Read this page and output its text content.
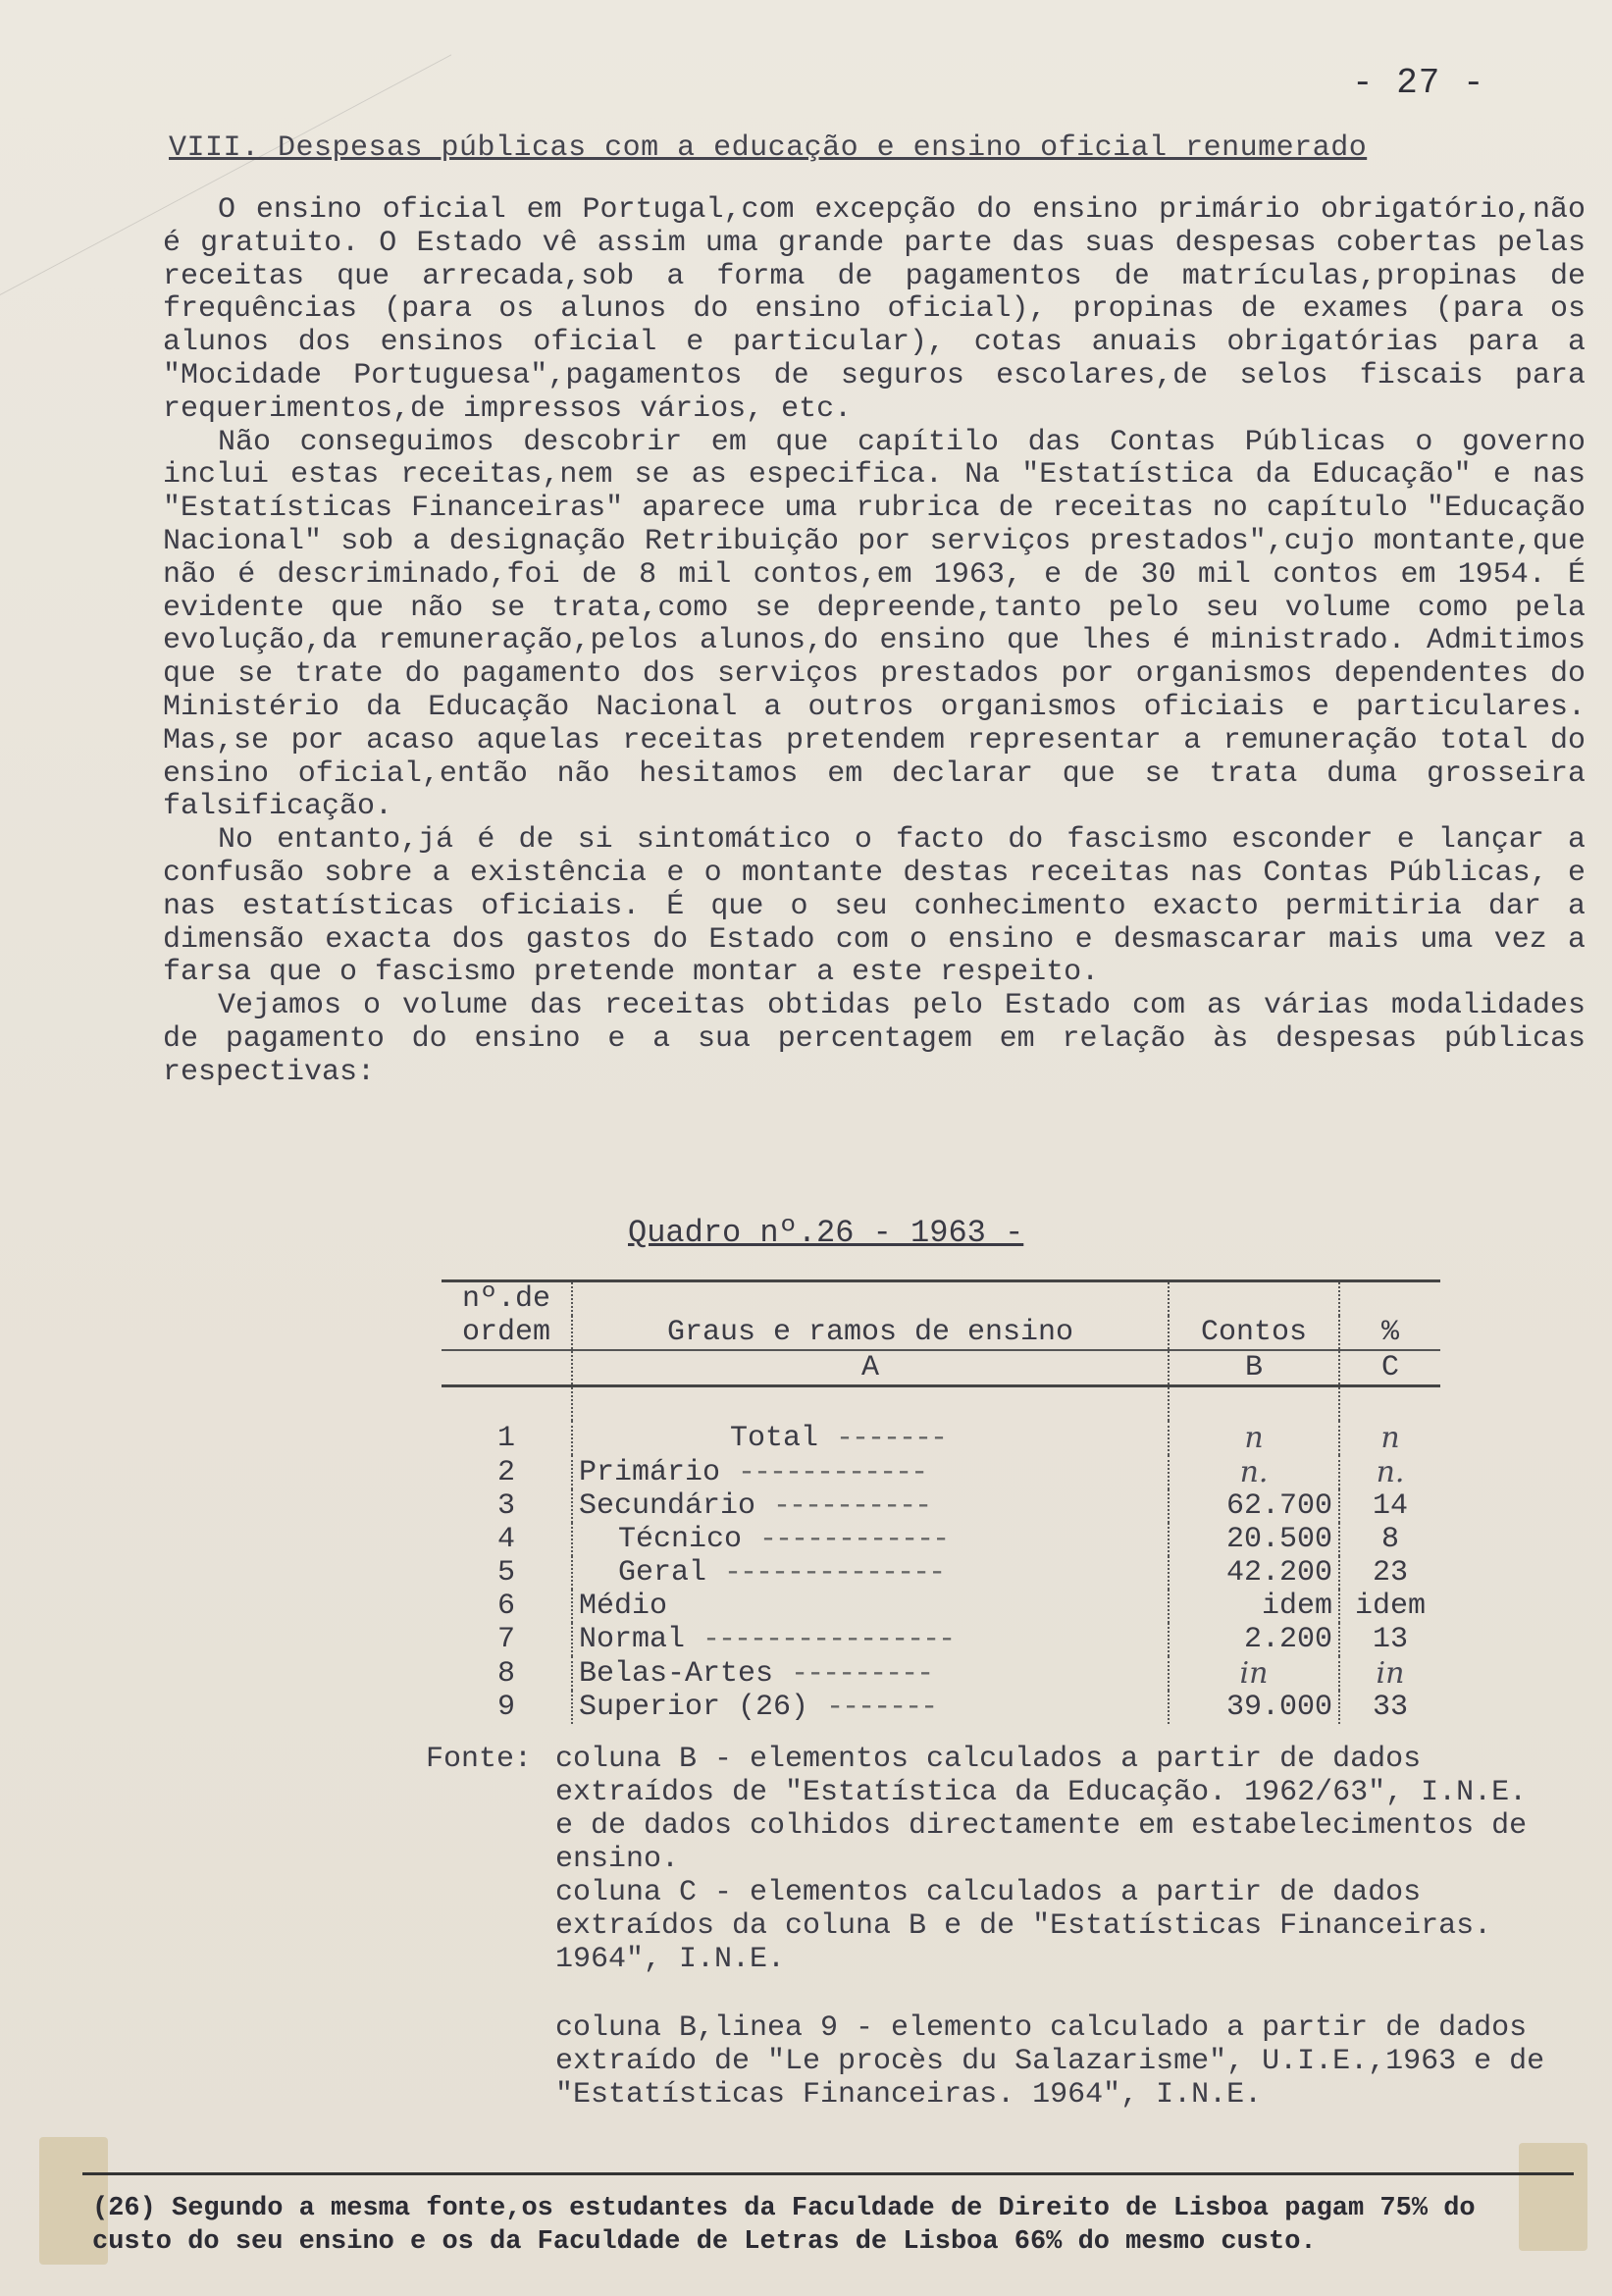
- 27 -
VIII. Despesas públicas com a educação e ensino oficial renumerado

O ensino oficial em Portugal,com excepção do ensino primário obrigatório,não é gratuito. O Estado vê assim uma grande parte das suas despesas cobertas pelas receitas que arrecada,sob a forma de pagamentos de matrículas,propinas de frequências (para os alunos do ensino oficial), propinas de exames (para os alunos dos ensinos oficial e particular), cotas anuais obrigatórias para a "Mocidade Portuguesa",pagamentos de seguros escolares,de selos fiscais para requerimentos,de impressos vários, etc.

Não conseguimos descobrir em que capítilo das Contas Públicas o governo inclui estas receitas,nem se as especifica. Na "Estatística da Educação" e nas "Estatísticas Financeiras" aparece uma rubrica de receitas no capítulo "Educação Nacional" sob a designação Retribuição por serviços prestados",cujo montante,que não é descriminado,foi de 8 mil contos,em 1963, e de 30 mil contos em 1954. É evidente que não se trata,como se depreende,tanto pelo seu volume como pela evolução,da remuneração,pelos alunos,do ensino que lhes é ministrado. Admitimos que se trate do pagamento dos serviços prestados por organismos dependentes do Ministério da Educação Nacional a outros organismos oficiais e particulares. Mas,se por acaso aquelas receitas pretendem representar a remuneração total do ensino oficial,então não hesitamos em declarar que se trata duma grosseira falsificação.

No entanto,já é de si sintomático o facto do fascismo esconder e lançar a confusão sobre a existência e o montante destas receitas nas Contas Públicas, e nas estatísticas oficiais. É que o seu conhecimento exacto permitiria dar a dimensão exacta dos gastos do Estado com o ensino e desmascarar mais uma vez a farsa que o fascismo pretende montar a este respeito.

Vejamos o volume das receitas obtidas pelo Estado com as várias modalidades de pagamento do ensino e a sua percentagem em relação às despesas públicas respectivas:

Quadro nº.26 - 1963 -
nº.de			
ordem	Graus e ramos de ensino	Contos	%
	A	B	C

1	Total -------	n	n
2	Primário ------------	n.	n.
3	Secundário ----------	62.700	14
4	Técnico ------------	20.500	8
5	Geral --------------	42.200	23
6	Médio	idem	idem
7	Normal ----------------	2.200	13
8	Belas-Artes ---------	in	in
9	Superior (26) -------	39.000	33
Fonte: coluna B - elementos calculados a partir de dados extraídos de "Estatística da Educação. 1962/63", I.N.E. e de dados colhidos directamente em estabelecimentos de ensino.
coluna C - elementos calculados a partir de dados extraídos da coluna B e de "Estatísticas Financeiras. 1964", I.N.E.
coluna B,linea 9 - elemento calculado a partir de dados extraído de "Le procès du Salazarisme", U.I.E.,1963 e de "Estatísticas Financeiras. 1964", I.N.E.
(26) Segundo a mesma fonte,os estudantes da Faculdade de Direito de Lisboa pagam 75% do custo do seu ensino e os da Faculdade de Letras de Lisboa 66% do mesmo custo.
